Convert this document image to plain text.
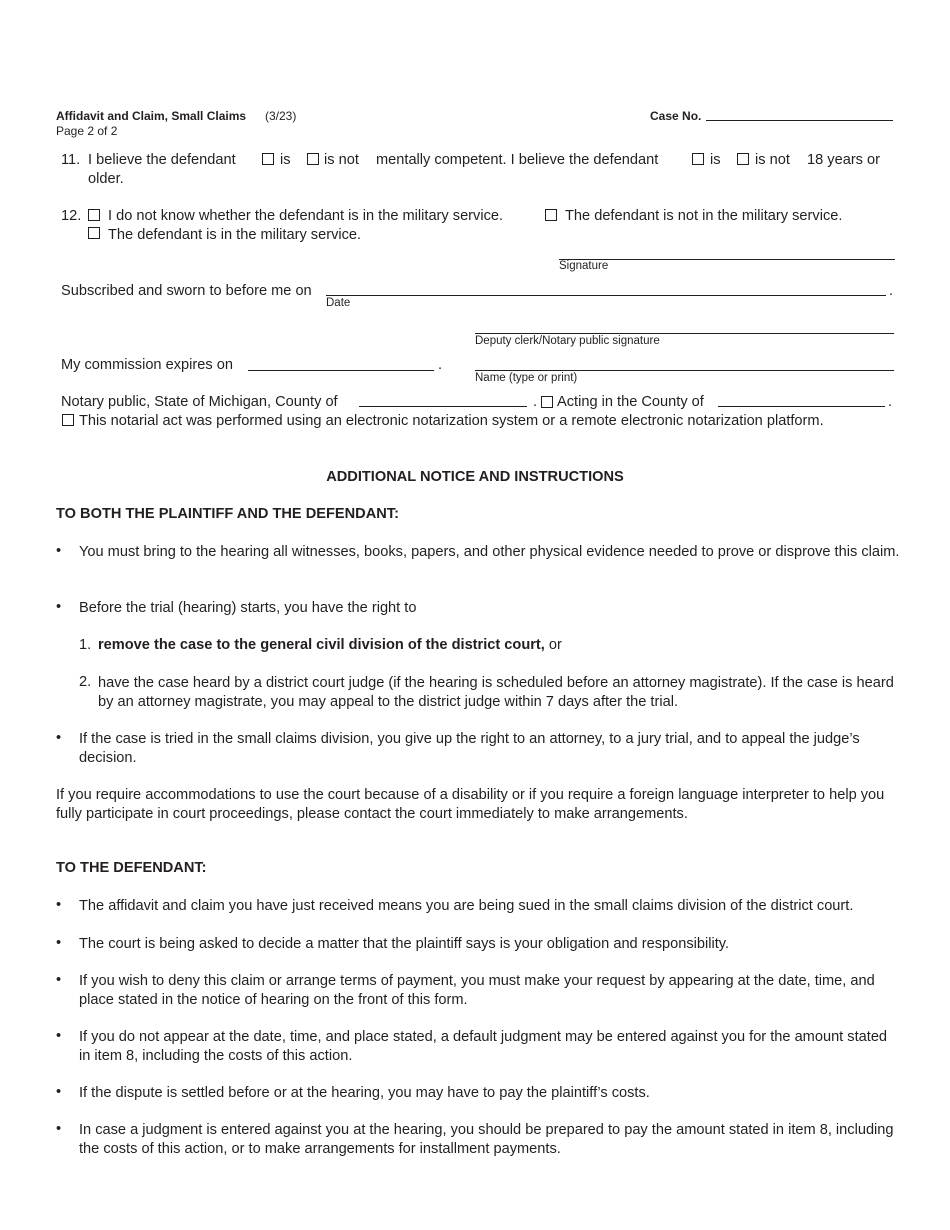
Affidavit and Claim, Small Claims (3/23)
Page 2 of 2
Case No.
11. I believe the defendant	is is not mentally competent. I believe the defendant	is is not 18 years or
older.
12. I do not know whether the defendant is in the military service.	The defendant is not in the military service.
The defendant is in the military service.
Signature
Subscribed and sworn to before me on	.
Date
Deputy clerk/Notary public signature
My commission expires on	.
Name (type or print)
Notary public, State of Michigan, County of	. Acting in the County of	.
This notarial act was performed using an electronic notarization system or a remote electronic notarization platform.
ADDITIONAL NOTICE AND INSTRUCTIONS
TO BOTH THE PLAINTIFF AND THE DEFENDANT:
• You must bring to the hearing all witnesses, books, papers, and other physical evidence needed to prove or disprove this claim.
• Before the trial (hearing) starts, you have the right to
1. remove the case to the general civil division of the district court, or
2. have the case heard by a district court judge (if the hearing is scheduled before an attorney magistrate). If the case is heard by an attorney magistrate, you may appeal to the district judge within 7 days after the trial.
• If the case is tried in the small claims division, you give up the right to an attorney, to a jury trial, and to appeal the judge’s decision.
If you require accommodations to use the court because of a disability or if you require a foreign language interpreter to help you fully participate in court proceedings, please contact the court immediately to make arrangements.
TO THE DEFENDANT:
• The affidavit and claim you have just received means you are being sued in the small claims division of the district court.
• The court is being asked to decide a matter that the plaintiff says is your obligation and responsibility.
• If you wish to deny this claim or arrange terms of payment, you must make your request by appearing at the date, time, and place stated in the notice of hearing on the front of this form.
• If you do not appear at the date, time, and place stated, a default judgment may be entered against you for the amount stated in item 8, including the costs of this action.
• If the dispute is settled before or at the hearing, you may have to pay the plaintiff’s costs.
• In case a judgment is entered against you at the hearing, you should be prepared to pay the amount stated in item 8, including the costs of this action, or to make arrangements for installment payments.
